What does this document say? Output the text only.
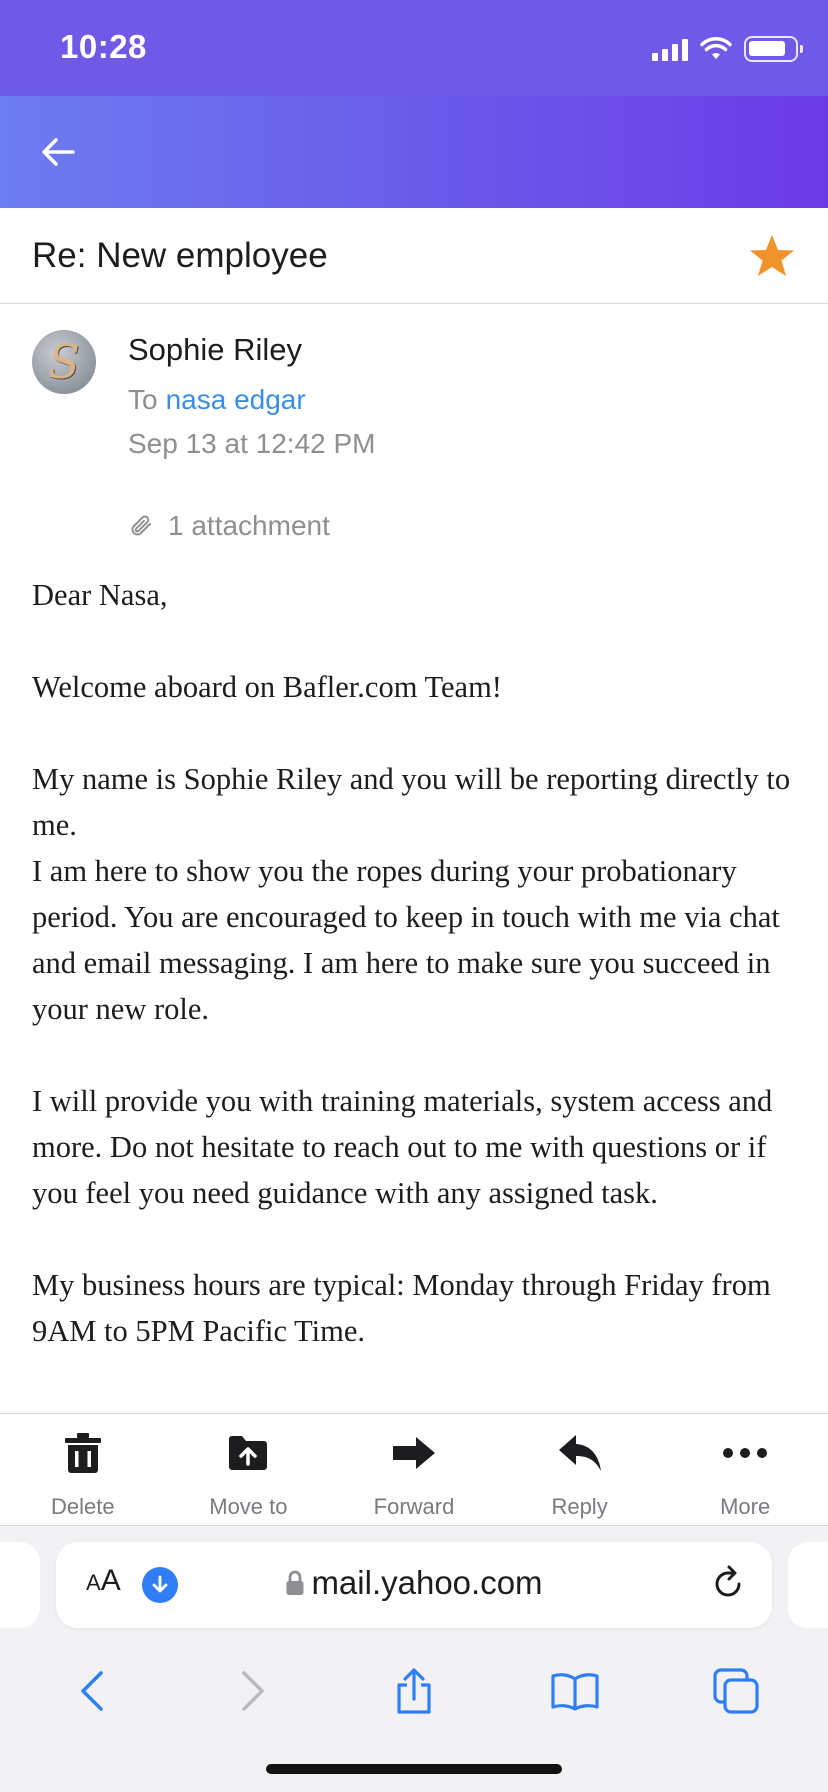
10:28
Re: New employee
S	Sophie Riley
To nasa edgar
Sep 13 at 12:42 PM
1 attachment

Dear Nasa,

Welcome aboard on Bafler.com Team!

My name is Sophie Riley and you will be reporting directly to me.

I am here to show you the ropes during your probationary period. You are encouraged to keep in touch with me via chat and email messaging. I am here to make sure you succeed in your new role.

I will provide you with training materials, system access and more. Do not hesitate to reach out to me with questions or if you feel you need guidance with any assigned task.

My business hours are typical: Monday through Friday from 9AM to 5PM Pacific Time.

Delete	Move to	Forward	Reply	More
AA	mail.yahoo.com
